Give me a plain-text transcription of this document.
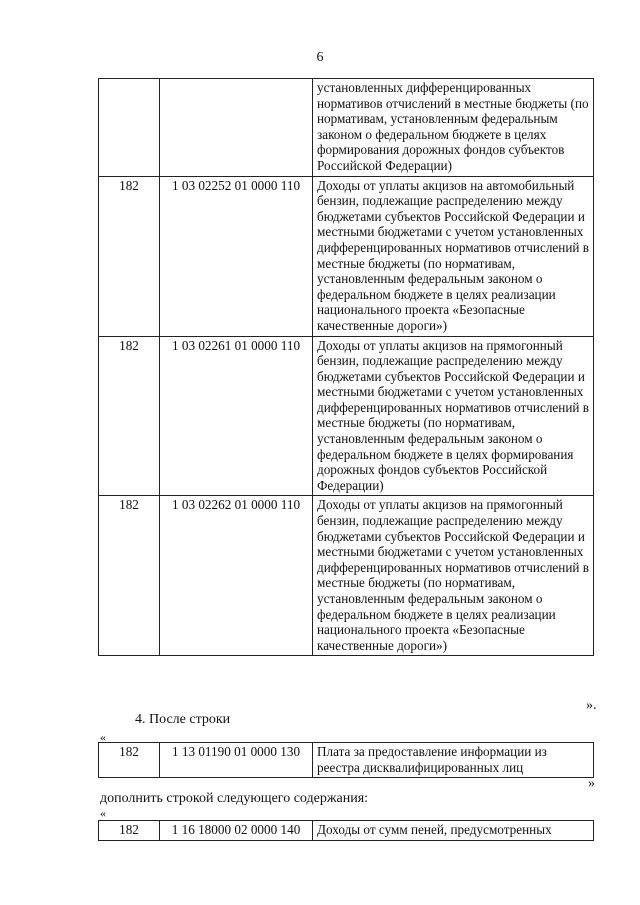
6
		установленных дифференцированных нормативов отчислений в местные бюджеты (по нормативам, установленным федеральным законом о федеральном бюджете в целях формирования дорожных фондов субъектов Российской Федерации)
182	1 03 02252 01 0000 110	Доходы от уплаты акцизов на автомобильный бензин, подлежащие распределению между бюджетами субъектов Российской Федерации и местными бюджетами с учетом установленных дифференцированных нормативов отчислений в местные бюджеты (по нормативам, установленным федеральным законом о федеральном бюджете в целях реализации национального проекта «Безопасные качественные дороги»)
182	1 03 02261 01 0000 110	Доходы от уплаты акцизов на прямогонный бензин, подлежащие распределению между бюджетами субъектов Российской Федерации и местными бюджетами с учетом установленных дифференцированных нормативов отчислений в местные бюджеты (по нормативам, установленным федеральным законом о федеральном бюджете в целях формирования дорожных фондов субъектов Российской Федерации)
182	1 03 02262 01 0000 110	Доходы от уплаты акцизов на прямогонный бензин, подлежащие распределению между бюджетами субъектов Российской Федерации и местными бюджетами с учетом установленных дифференцированных нормативов отчислений в местные бюджеты (по нормативам, установленным федеральным законом о федеральном бюджете в целях реализации национального проекта «Безопасные качественные дороги»)
».
4. После строки
«
182	1 13 01190 01 0000 130	Плата за предоставление информации из реестра дисквалифицированных лиц
»
дополнить строкой следующего содержания:
«
182	1 16 18000 02 0000 140	Доходы от сумм пеней, предусмотренных
